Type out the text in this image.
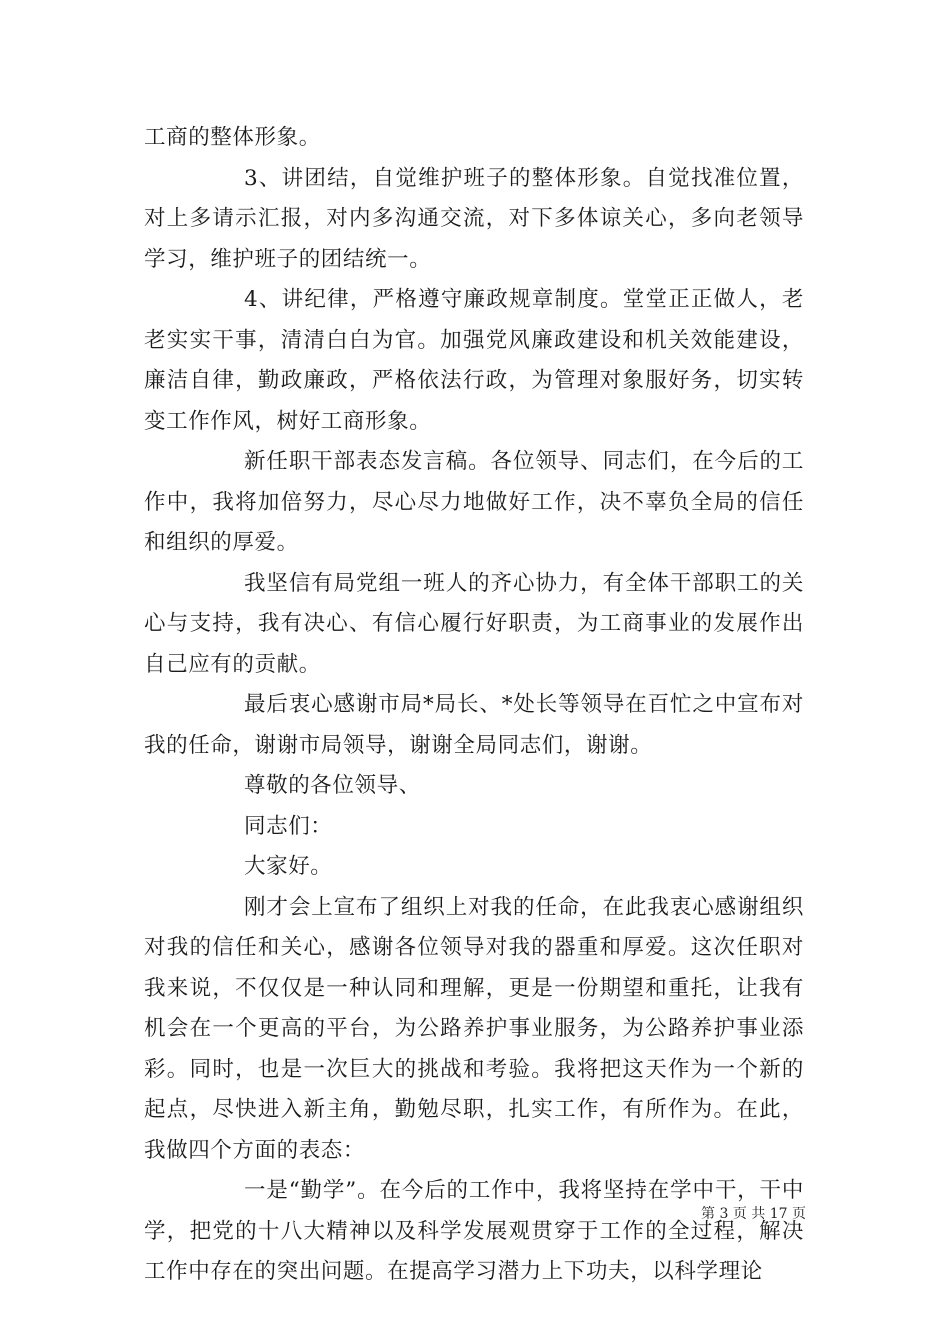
工商的整体形象。

3、讲团结，自觉维护班子的整体形象。自觉找准位置，对上多请示汇报，对内多沟通交流，对下多体谅关心，多向老领导学习，维护班子的团结统一。

4、讲纪律，严格遵守廉政规章制度。堂堂正正做人，老老实实干事，清清白白为官。加强党风廉政建设和机关效能建设，廉洁自律，勤政廉政，严格依法行政，为管理对象服好务，切实转变工作作风，树好工商形象。

新任职干部表态发言稿。各位领导、同志们，在今后的工作中，我将加倍努力，尽心尽力地做好工作，决不辜负全局的信任和组织的厚爱。

我坚信有局党组一班人的齐心协力，有全体干部职工的关心与支持，我有决心、有信心履行好职责，为工商事业的发展作出自己应有的贡献。

最后衷心感谢市局*局长、*处长等领导在百忙之中宣布对我的任命，谢谢市局领导，谢谢全局同志们，谢谢。

尊敬的各位领导、

同志们：

大家好。

刚才会上宣布了组织上对我的任命，在此我衷心感谢组织对我的信任和关心，感谢各位领导对我的器重和厚爱。这次任职对我来说，不仅仅是一种认同和理解，更是一份期望和重托，让我有机会在一个更高的平台，为公路养护事业服务，为公路养护事业添彩。同时，也是一次巨大的挑战和考验。我将把这天作为一个新的起点，尽快进入新主角，勤勉尽职，扎实工作，有所作为。在此，我做四个方面的表态：

一是“勤学”。在今后的工作中，我将坚持在学中干，干中学，把党的十八大精神以及科学发展观贯穿于工作的全过程，解决工作中存在的突出问题。在提高学习潜力上下功夫，以科学理论

第 3 页 共 17 页
